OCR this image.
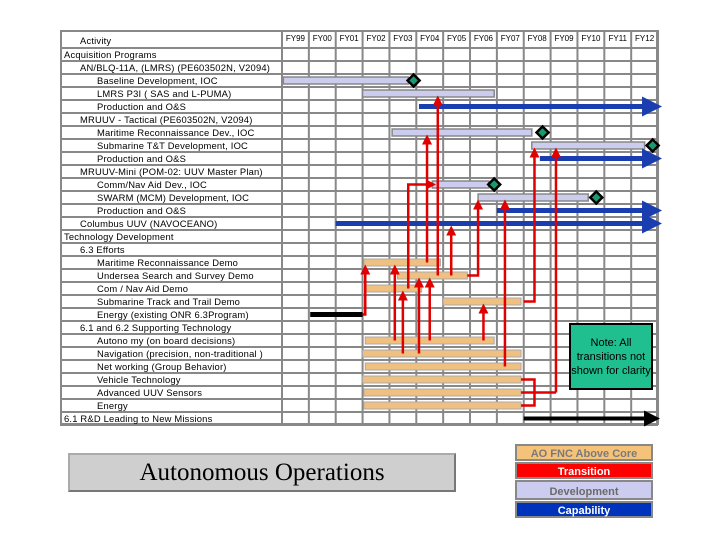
Autonomous Operations
Note: All transitions not shown for clarity
AO FNC Above Core
Transition
Development
Capability
Activity	FY99 FY00 FY01 FY02 FY03 FY04 FY05 FY06 FY07 FY08 FY09 FY10	FY11	FY12
Acquisition Programs
AN/BLQ-11A, (LMRS) (PE603502N, V2094)
Baseline Development, IOC
LMRS P3I ( SAS and L-PUMA)
Production and O&S
MRUUV - Tactical (PE603502N, V2094)
Maritime Reconnaissance Dev., IOC
Submarine T&T Development, IOC
Production and O&S
MRUUV-Mini (POM-02: UUV Master Plan)
Comm/Nav Aid Dev., IOC
SWARM (MCM) Development, IOC
Production and O&S
Columbus UUV (NAVOCEANO)
Technology Development
6.3 Efforts
Maritime Reconnaissance Demo
Undersea Search and Survey Demo
Com / Nav Aid Demo
Submarine Track and Trail Demo
Energy (existing ONR 6.3Program)
6.1 and 6.2 Supporting Technology
Autono my (on board decisions)
Navigation (precision, non-traditional )
Net working (Group Behavior)
Vehicle Technology
Advanced UUV Sensors
Energy
6.1 R&D Leading to New Missions
